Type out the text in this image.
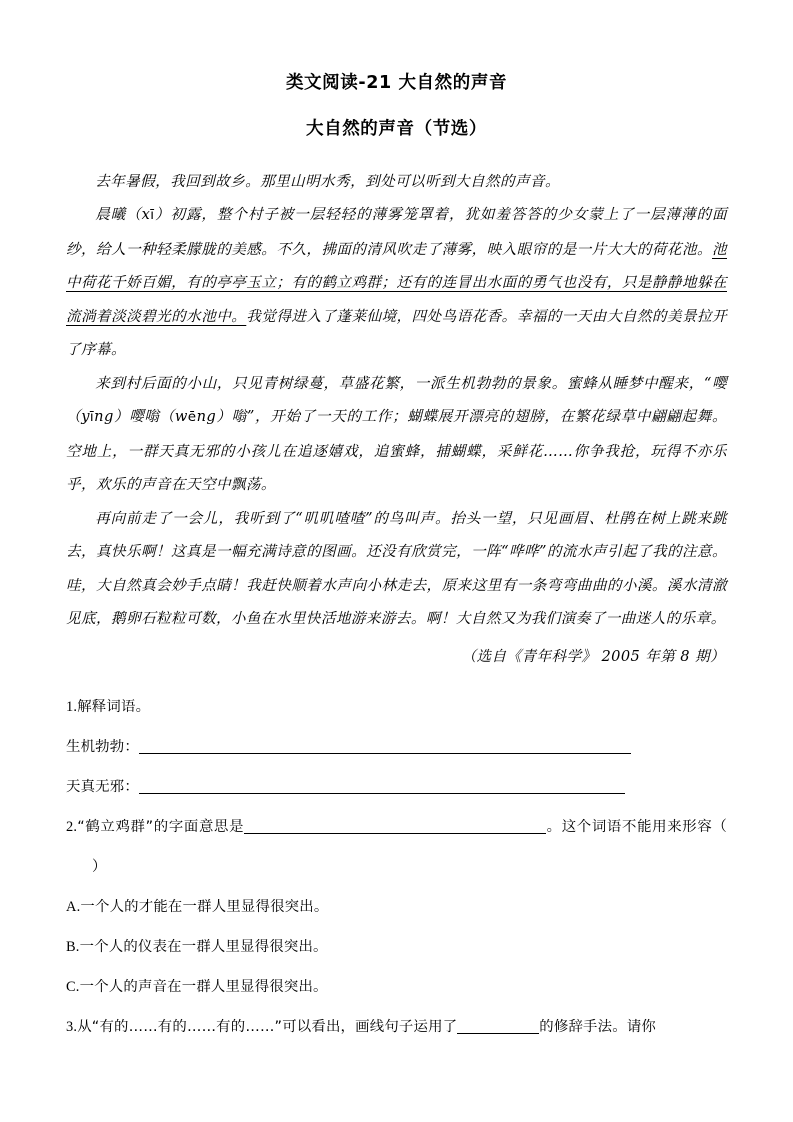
类文阅读-21 大自然的声音
大自然的声音（节选）

去年暑假，我回到故乡。那里山明水秀，到处可以听到大自然的声音。

晨曦（xī）初露，整个村子被一层轻轻的薄雾笼罩着，犹如羞答答的少女蒙上了一层薄薄的面纱，给人一种轻柔朦胧的美感。不久，拂面的清风吹走了薄雾，映入眼帘的是一片大大的荷花池。池中荷花千娇百媚，有的亭亭玉立；有的鹤立鸡群；还有的连冒出水面的勇气也没有，只是静静地躲在流淌着淡淡碧光的水池中。我觉得进入了蓬莱仙境，四处鸟语花香。幸福的一天由大自然的美景拉开了序幕。

来到村后面的小山，只见青树绿蔓，草盛花繁，一派生机勃勃的景象。蜜蜂从睡梦中醒来，“嘤（yīng）嘤嗡（wēng）嗡”，开始了一天的工作；蝴蝶展开漂亮的翅膀，在繁花绿草中翩翩起舞。空地上，一群天真无邪的小孩儿在追逐嬉戏，追蜜蜂，捕蝴蝶，采鲜花……你争我抢，玩得不亦乐乎，欢乐的声音在天空中飘荡。

再向前走了一会儿，我听到了“叽叽喳喳”的鸟叫声。抬头一望，只见画眉、杜鹃在树上跳来跳去，真快乐啊！这真是一幅充满诗意的图画。还没有欣赏完，一阵“哗哗”的流水声引起了我的注意。哇，大自然真会妙手点睛！我赶快顺着水声向小林走去，原来这里有一条弯弯曲曲的小溪。溪水清澈见底，鹅卵石粒粒可数，小鱼在水里快活地游来游去。啊！大自然又为我们演奏了一曲迷人的乐章。

（选自《青年科学》 2005 年第 8 期）

1.解释词语。

生机勃勃：

天真无邪：

2.“鹤立鸡群”的字面意思是	。这个词语不能用来形容（）

A.一个人的才能在一群人里显得很突出。

B.一个人的仪表在一群人里显得很突出。

C.一个人的声音在一群人里显得很突出。

3.从“有的……有的……有的……”可以看出，画线句子运用了	的修辞手法。请你
